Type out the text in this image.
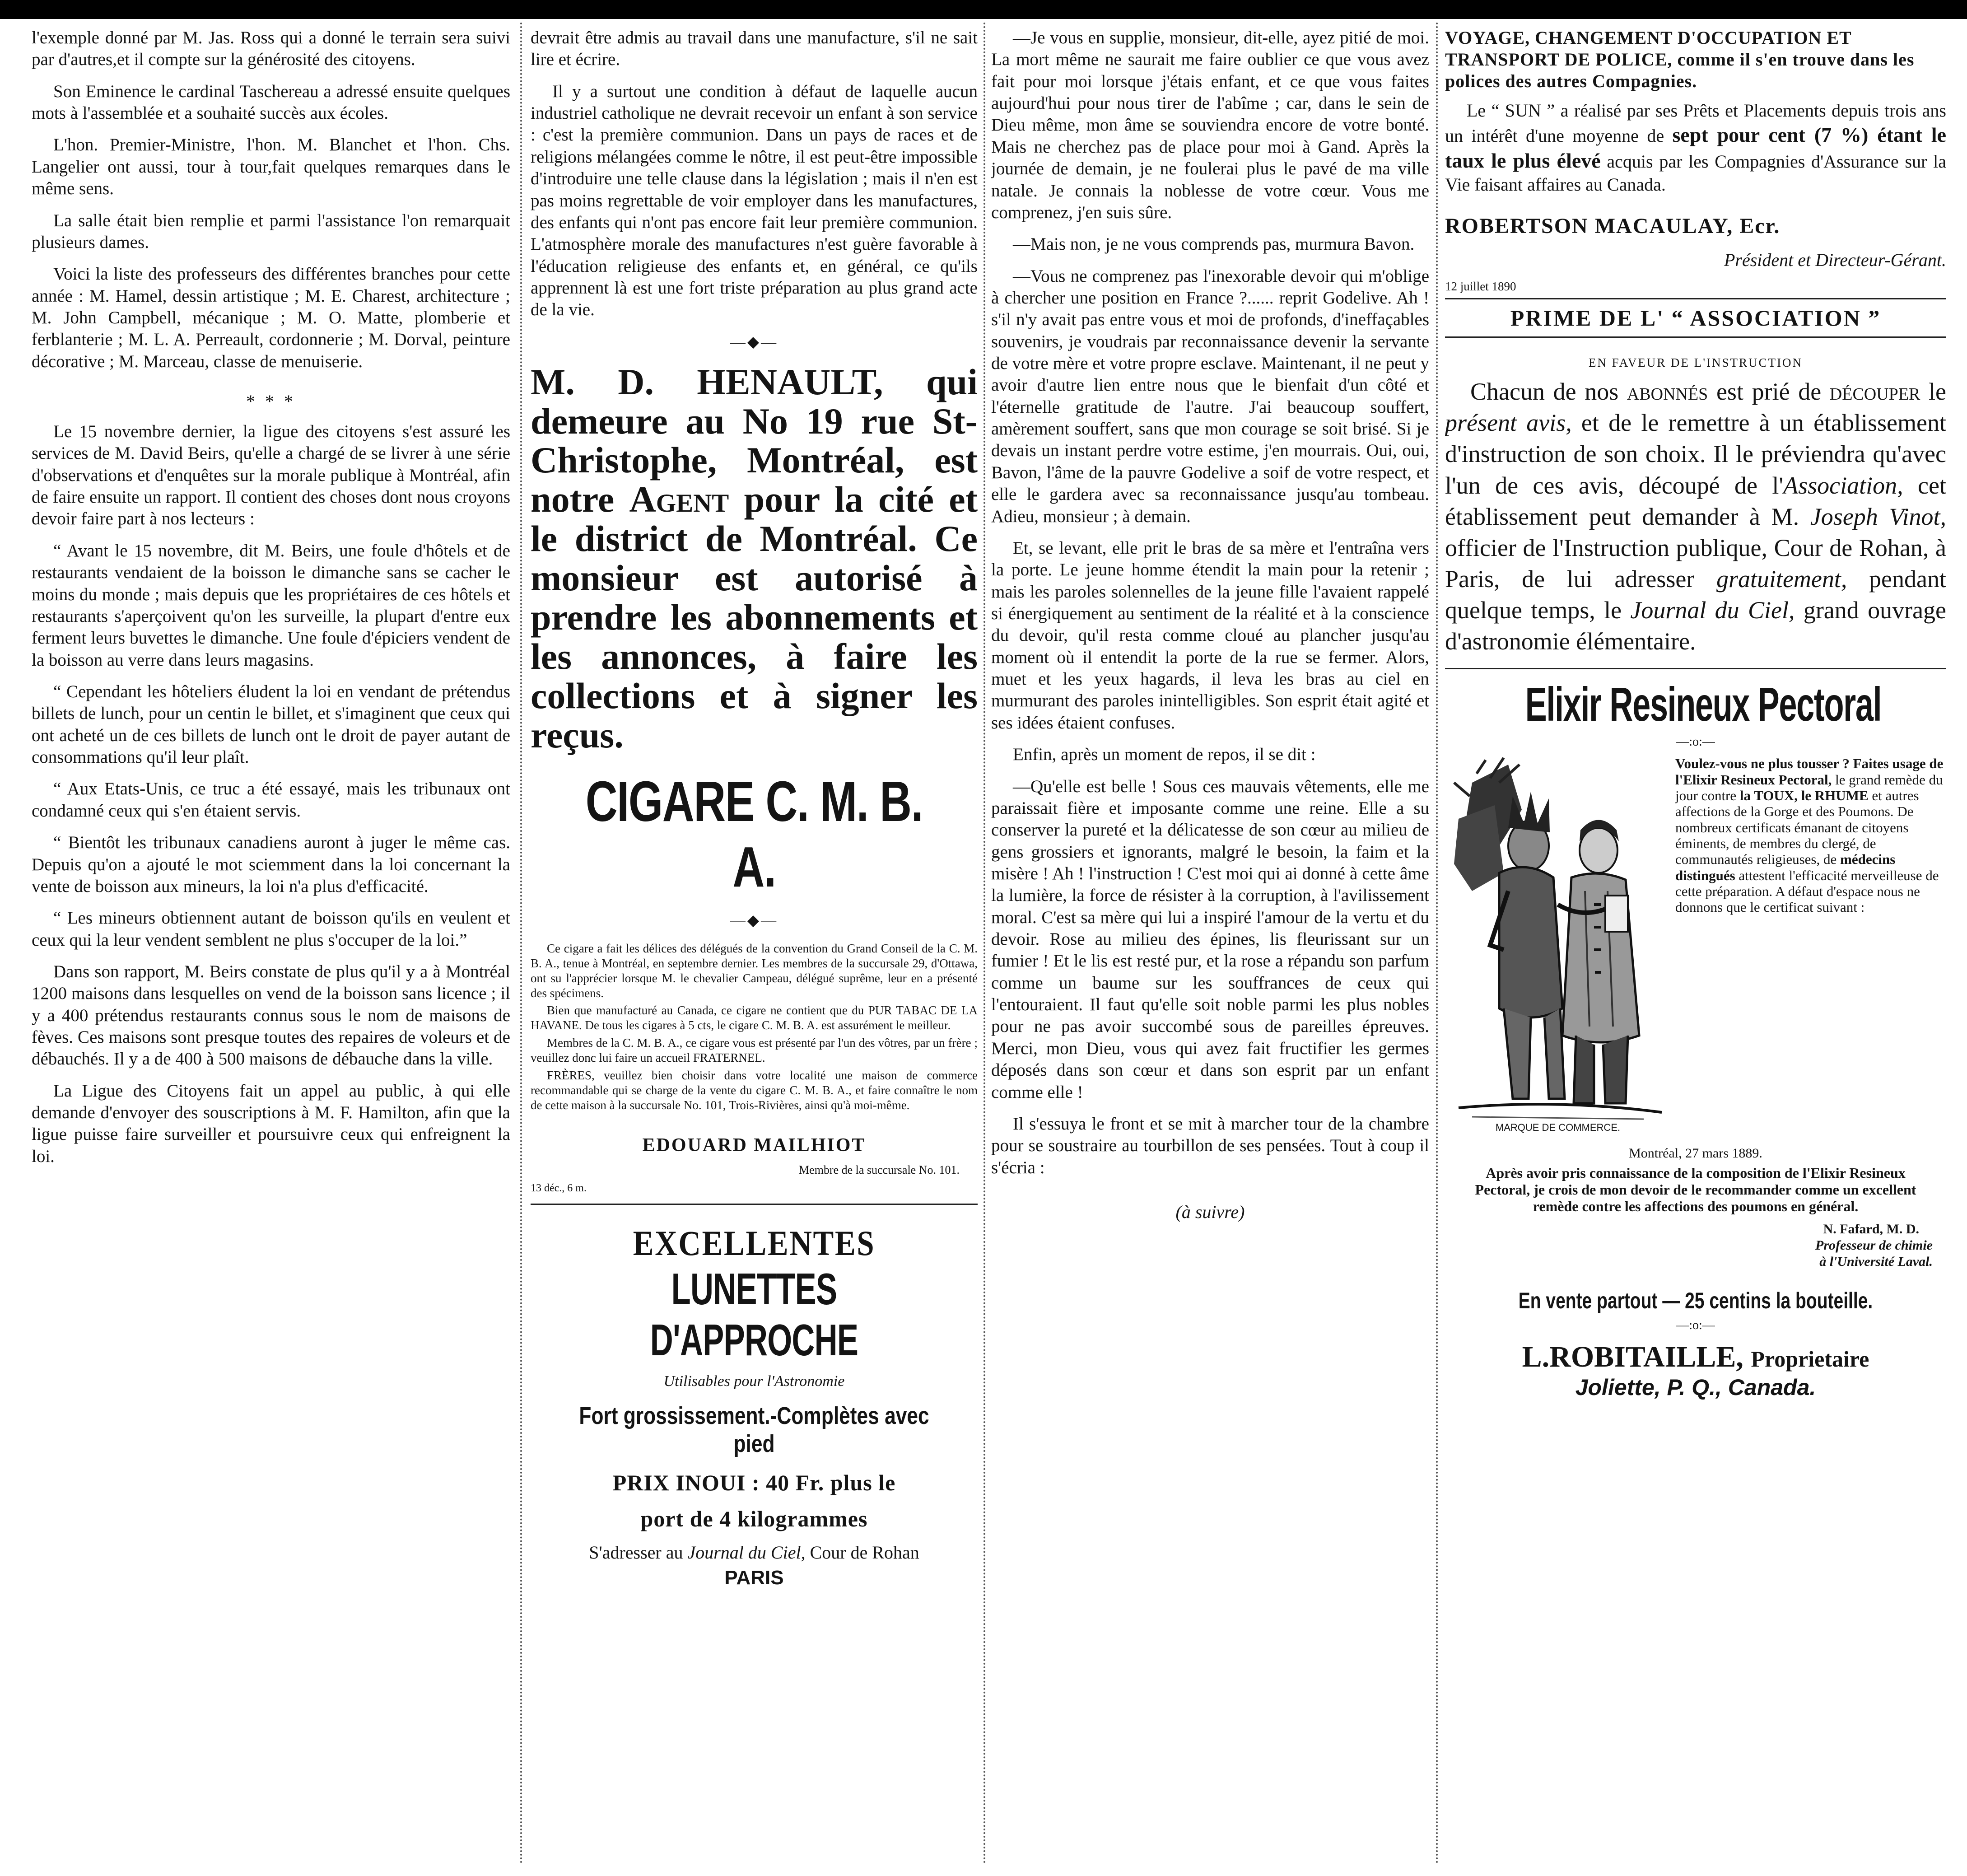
l'exemple donné par M. Jas. Ross qui a donné le terrain sera suivi par d'autres,et il compte sur la générosité des citoyens.

Son Eminence le cardinal Taschereau a adressé ensuite quelques mots à l'assemblée et a souhaité succès aux écoles.

L'hon. Premier-Ministre, l'hon. M. Blanchet et l'hon. Chs. Langelier ont aussi, tour à tour,fait quelques remarques dans le même sens.

La salle était bien remplie et parmi l'assistance l'on remarquait plusieurs dames.

Voici la liste des professeurs des différentes branches pour cette année : M. Hamel, dessin artistique ; M. E. Charest, architecture ; M. John Campbell, mécanique ; M. O. Matte, plomberie et ferblanterie ; M. L. A. Perreault, cordonnerie ; M. Dorval, peinture décorative ; M. Marceau, classe de menuiserie.

* * *

Le 15 novembre dernier, la ligue des citoyens s'est assuré les services de M. David Beirs, qu'elle a chargé de se livrer à une série d'observations et d'enquêtes sur la morale publique à Montréal, afin de faire ensuite un rapport. Il contient des choses dont nous croyons devoir faire part à nos lecteurs :

“ Avant le 15 novembre, dit M. Beirs, une foule d'hôtels et de restaurants vendaient de la boisson le dimanche sans se cacher le moins du monde ; mais depuis que les propriétaires de ces hôtels et restaurants s'aperçoivent qu'on les surveille, la plupart d'entre eux ferment leurs buvettes le dimanche. Une foule d'épiciers vendent de la boisson au verre dans leurs magasins.

“ Cependant les hôteliers éludent la loi en vendant de prétendus billets de lunch, pour un centin le billet, et s'imaginent que ceux qui ont acheté un de ces billets de lunch ont le droit de payer autant de consommations qu'il leur plaît.

“ Aux Etats-Unis, ce truc a été essayé, mais les tribunaux ont condamné ceux qui s'en étaient servis.

“ Bientôt les tribunaux canadiens auront à juger le même cas. Depuis qu'on a ajouté le mot sciemment dans la loi concernant la vente de boisson aux mineurs, la loi n'a plus d'efficacité.

“ Les mineurs obtiennent autant de boisson qu'ils en veulent et ceux qui la leur vendent semblent ne plus s'occuper de la loi.”

Dans son rapport, M. Beirs constate de plus qu'il y a à Montréal 1200 maisons dans lesquelles on vend de la boisson sans licence ; il y a 400 prétendus restaurants connus sous le nom de maisons de fèves. Ces maisons sont presque toutes des repaires de voleurs et de débauchés. Il y a de 400 à 500 maisons de débauche dans la ville.

La Ligue des Citoyens fait un appel au public, à qui elle demande d'envoyer des souscriptions à M. F. Hamilton, afin que la ligue puisse faire surveiller et poursuivre ceux qui enfreignent la loi.

devrait être admis au travail dans une manufacture, s'il ne sait lire et écrire.

Il y a surtout une condition à défaut de laquelle aucun industriel catholique ne devrait recevoir un enfant à son service : c'est la première communion. Dans un pays de races et de religions mélangées comme le nôtre, il est peut-être impossible d'introduire une telle clause dans la législation ; mais il n'en est pas moins regrettable de voir employer dans les manufactures, des enfants qui n'ont pas encore fait leur première communion. L'atmosphère morale des manufactures n'est guère favorable à l'éducation religieuse des enfants et, en général, ce qu'ils apprennent là est une fort triste préparation au plus grand acte de la vie.

—◆—
M. D. HENAULT, qui demeure au No 19 rue St-Christophe, Montréal, est notre Agent pour la cité et le district de Montréal. Ce monsieur est autorisé à prendre les abonnements et les annonces, à faire les collections et à signer les reçus.
CIGARE C. M. B. A.
—◆—

Ce cigare a fait les délices des délégués de la convention du Grand Conseil de la C. M. B. A., tenue à Montréal, en septembre dernier. Les membres de la succursale 29, d'Ottawa, ont su l'apprécier lorsque M. le chevalier Campeau, délégué suprême, leur en a présenté des spécimens.

Bien que manufacturé au Canada, ce cigare ne contient que du PUR TABAC DE LA HAVANE. De tous les cigares à 5 cts, le cigare C. M. B. A. est assurément le meilleur.

Membres de la C. M. B. A., ce cigare vous est présenté par l'un des vôtres, par un frère ; veuillez donc lui faire un accueil FRATERNEL.

FRÈRES, veuillez bien choisir dans votre localité une maison de commerce recommandable qui se charge de la vente du cigare C. M. B. A., et faire connaître le nom de cette maison à la succursale No. 101, Trois-Rivières, ainsi qu'à moi-même.

EDOUARD MAILHIOT
Membre de la succursale No. 101.
13 déc., 6 m.
EXCELLENTES
LUNETTES D'APPROCHE
Utilisables pour l'Astronomie
Fort grossissement.-Complètes avec pied
PRIX INOUI : 40 Fr. plus le
port de 4 kilogrammes
S'adresser au Journal du Ciel, Cour de Rohan
PARIS

—Je vous en supplie, monsieur, dit-elle, ayez pitié de moi. La mort même ne saurait me faire oublier ce que vous avez fait pour moi lorsque j'étais enfant, et ce que vous faites aujourd'hui pour nous tirer de l'abîme ; car, dans le sein de Dieu même, mon âme se souviendra encore de votre bonté. Mais ne cherchez pas de place pour moi à Gand. Après la journée de demain, je ne foulerai plus le pavé de ma ville natale. Je connais la noblesse de votre cœur. Vous me comprenez, j'en suis sûre.

—Mais non, je ne vous comprends pas, murmura Bavon.

—Vous ne comprenez pas l'inexorable devoir qui m'oblige à chercher une position en France ?...... reprit Godelive. Ah ! s'il n'y avait pas entre vous et moi de profonds, d'ineffaçables souvenirs, je voudrais par reconnaissance devenir la servante de votre mère et votre propre esclave. Maintenant, il ne peut y avoir d'autre lien entre nous que le bienfait d'un côté et l'éternelle gratitude de l'autre. J'ai beaucoup souffert, amèrement souffert, sans que mon courage se soit brisé. Si je devais un instant perdre votre estime, j'en mourrais. Oui, oui, Bavon, l'âme de la pauvre Godelive a soif de votre respect, et elle le gardera avec sa reconnaissance jusqu'au tombeau. Adieu, monsieur ; à demain.

Et, se levant, elle prit le bras de sa mère et l'entraîna vers la porte. Le jeune homme étendit la main pour la retenir ; mais les paroles solennelles de la jeune fille l'avaient rappelé si énergiquement au sentiment de la réalité et à la conscience du devoir, qu'il resta comme cloué au plancher jusqu'au moment où il entendit la porte de la rue se fermer. Alors, muet et les yeux hagards, il leva les bras au ciel en murmurant des paroles inintelligibles. Son esprit était agité et ses idées étaient confuses.

Enfin, après un moment de repos, il se dit :

—Qu'elle est belle ! Sous ces mauvais vêtements, elle me paraissait fière et imposante comme une reine. Elle a su conserver la pureté et la délicatesse de son cœur au milieu de gens grossiers et ignorants, malgré le besoin, la faim et la misère ! Ah ! l'instruction ! C'est moi qui ai donné à cette âme la lumière, la force de résister à la corruption, à l'avilissement moral. C'est sa mère qui lui a inspiré l'amour de la vertu et du devoir. Rose au milieu des épines, lis fleurissant sur un fumier ! Et le lis est resté pur, et la rose a répandu son parfum comme un baume sur les souffrances de ceux qui l'entouraient. Il faut qu'elle soit noble parmi les plus nobles pour ne pas avoir succombé sous de pareilles épreuves. Merci, mon Dieu, vous qui avez fait fructifier les germes déposés dans son cœur et dans son esprit par un enfant comme elle !

Il s'essuya le front et se mit à marcher tour de la chambre pour se soustraire au tourbillon de ses pensées. Tout à coup il s'écria :

(à suivre)

VOYAGE, CHANGEMENT D'OCCUPATION ET TRANSPORT DE POLICE, comme il s'en trouve dans les polices des autres Compagnies.

Le “ SUN ” a réalisé par ses Prêts et Placements depuis trois ans un intérêt d'une moyenne de sept pour cent (7 %) étant le taux le plus élevé acquis par les Compagnies d'Assurance sur la Vie faisant affaires au Canada.

ROBERTSON MACAULAY, Ecr.
Président et Directeur-Gérant.
12 juillet 1890
PRIME DE L' “ ASSOCIATION ”
EN FAVEUR DE L'INSTRUCTION

Chacun de nos abonnés est prié de découper le présent avis, et de le remettre à un établissement d'instruction de son choix. Il le préviendra qu'avec l'un de ces avis, découpé de l'Association, cet établissement peut demander à M. Joseph Vinot, officier de l'Instruction publique, Cour de Rohan, à Paris, de lui adresser gratuitement, pendant quelque temps, le Journal du Ciel, grand ouvrage d'astronomie élémentaire.

Elixir Resineux Pectoral
—:o:—
MARQUE DE COMMERCE.
Voulez-vous ne plus tousser ? Faites usage de l'Elixir Resineux Pectoral, le grand remède du jour contre la TOUX, le RHUME et autres affections de la Gorge et des Poumons. De nombreux certificats émanant de citoyens éminents, de membres du clergé, de communautés religieuses, de médecins distingués attestent l'efficacité merveilleuse de cette préparation. A défaut d'espace nous ne donnons que le certificat suivant :
Montréal, 27 mars 1889.
Après avoir pris connaissance de la composition de l'Elixir Resineux Pectoral, je crois de mon devoir de le recommander comme un excellent remède contre les affections des poumons en général.
N. Fafard, M. D.
Professeur de chimie
à l'Université Laval.
En vente partout — 25 centins la bouteille.
—:o:—
L.ROBITAILLE, Proprietaire
Joliette, P. Q., Canada.
